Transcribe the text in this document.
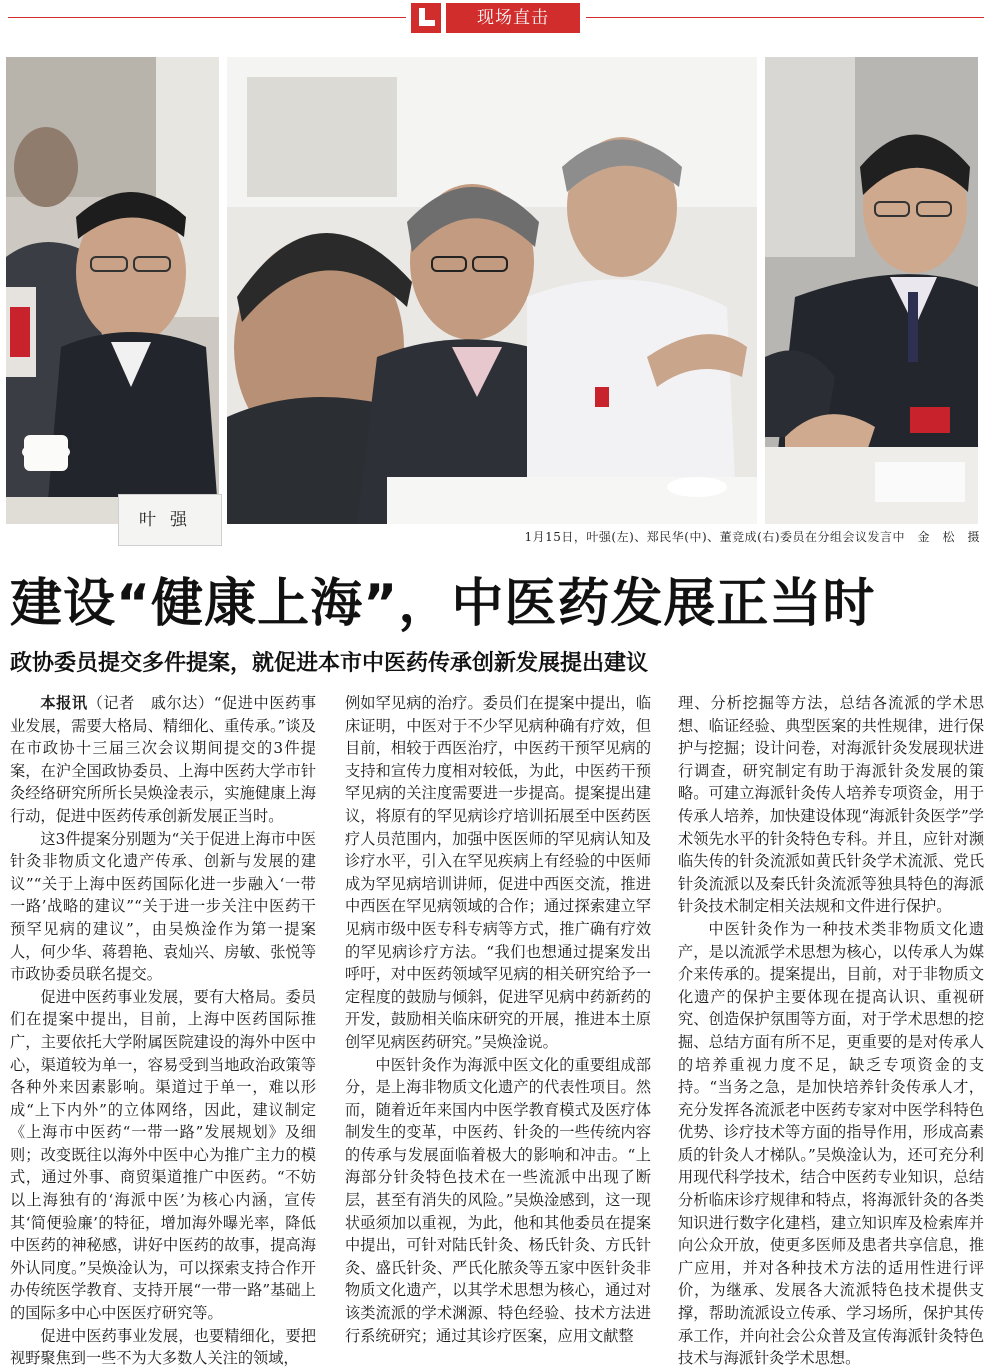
现场直击
叶强
1月15日，叶强(左)、郑民华(中)、董竞成(右)委员在分组会议发言中　金　松　摄
建设“健康上海”，中医药发展正当时
政协委员提交多件提案，就促进本市中医药传承创新发展提出建议

本报讯（记者　戚尔达）“促进中医药事业发展，需要大格局、精细化、重传承。”谈及在市政协十三届三次会议期间提交的3件提案，在沪全国政协委员、上海中医药大学市针灸经络研究所所长吴焕淦表示，实施健康上海行动，促进中医药传承创新发展正当时。

这3件提案分别题为“关于促进上海市中医针灸非物质文化遗产传承、创新与发展的建议”“关于上海中医药国际化进一步融入‘一带一路’战略的建议”“关于进一步关注中医药干预罕见病的建议”，由吴焕淦作为第一提案人，何少华、蒋碧艳、袁灿兴、房敏、张悦等市政协委员联名提交。

促进中医药事业发展，要有大格局。委员们在提案中提出，目前，上海中医药国际推广，主要依托大学附属医院建设的海外中医中心，渠道较为单一，容易受到当地政治政策等各种外来因素影响。渠道过于单一，难以形成“上下内外”的立体网络，因此，建议制定《上海市中医药“一带一路”发展规划》及细则；改变既往以海外中医中心为推广主力的模式，通过外事、商贸渠道推广中医药。“不妨以上海独有的‘海派中医’为核心内涵，宣传其‘简便验廉’的特征，增加海外曝光率，降低中医药的神秘感，讲好中医药的故事，提高海外认同度。”吴焕淦认为，可以探索支持合作开办传统医学教育、支持开展“一带一路”基础上的国际多中心中医医疗研究等。

促进中医药事业发展，也要精细化，要把视野聚焦到一些不为大多数人关注的领域，

例如罕见病的治疗。委员们在提案中提出，临床证明，中医对于不少罕见病种确有疗效，但目前，相较于西医治疗，中医药干预罕见病的支持和宣传力度相对较低，为此，中医药干预罕见病的关注度需要进一步提高。提案提出建议，将原有的罕见病诊疗培训拓展至中医药医疗人员范围内，加强中医医师的罕见病认知及诊疗水平，引入在罕见疾病上有经验的中医师成为罕见病培训讲师，促进中西医交流，推进中西医在罕见病领域的合作；通过探索建立罕见病市级中医专科专病等方式，推广确有疗效的罕见病诊疗方法。“我们也想通过提案发出呼吁，对中医药领域罕见病的相关研究给予一定程度的鼓励与倾斜，促进罕见病中药新药的开发，鼓励相关临床研究的开展，推进本土原创罕见病医药研究。”吴焕淦说。

中医针灸作为海派中医文化的重要组成部分，是上海非物质文化遗产的代表性项目。然而，随着近年来国内中医学教育模式及医疗体制发生的变革，中医药、针灸的一些传统内容的传承与发展面临着极大的影响和冲击。“上海部分针灸特色技术在一些流派中出现了断层，甚至有消失的风险。”吴焕淦感到，这一现状亟须加以重视，为此，他和其他委员在提案中提出，可针对陆氏针灸、杨氏针灸、方氏针灸、盛氏针灸、严氏化脓灸等五家中医针灸非物质文化遗产，以其学术思想为核心，通过对该类流派的学术渊源、特色经验、技术方法进行系统研究；通过其诊疗医案，应用文献整

理、分析挖掘等方法，总结各流派的学术思想、临证经验、典型医案的共性规律，进行保护与挖掘；设计问卷，对海派针灸发展现状进行调查，研究制定有助于海派针灸发展的策略。可建立海派针灸传人培养专项资金，用于传承人培养，加快建设体现“海派针灸医学”学术领先水平的针灸特色专科。并且，应针对濒临失传的针灸流派如黄氏针灸学术流派、党氏针灸流派以及秦氏针灸流派等独具特色的海派针灸技术制定相关法规和文件进行保护。

中医针灸作为一种技术类非物质文化遗产，是以流派学术思想为核心，以传承人为媒介来传承的。提案提出，目前，对于非物质文化遗产的保护主要体现在提高认识、重视研究、创造保护氛围等方面，对于学术思想的挖掘、总结方面有所不足，更重要的是对传承人的培养重视力度不足，缺乏专项资金的支持。“当务之急，是加快培养针灸传承人才，充分发挥各流派老中医药专家对中医学科特色优势、诊疗技术等方面的指导作用，形成高素质的针灸人才梯队。”吴焕淦认为，还可充分利用现代科学技术，结合中医药专业知识，总结分析临床诊疗规律和特点，将海派针灸的各类知识进行数字化建档，建立知识库及检索库并向公众开放，使更多医师及患者共享信息，推广应用，并对各种技术方法的适用性进行评价，为继承、发展各大流派特色技术提供支撑，帮助流派设立传承、学习场所，保护其传承工作，并向社会公众普及宣传海派针灸特色技术与海派针灸学术思想。
